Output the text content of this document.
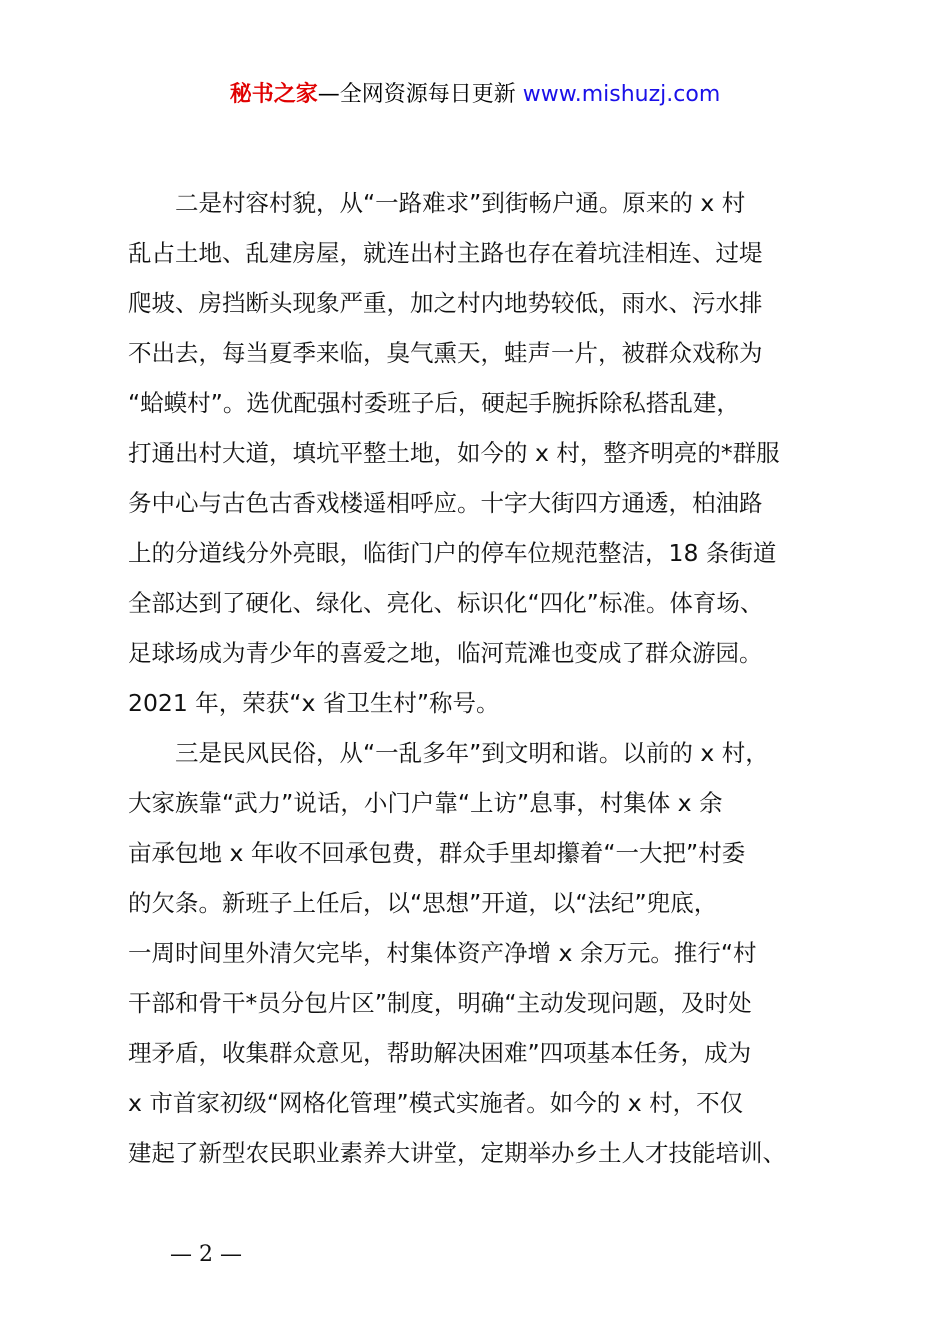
秘书之家—全网资源每日更新 www.mishuzj.com
二是村容村貌，从“一路难求”到街畅户通。原来的 x 村
乱占土地、乱建房屋，就连出村主路也存在着坑洼相连、过堤
爬坡、房挡断头现象严重，加之村内地势较低，雨水、污水排
不出去，每当夏季来临，臭气熏天，蛙声一片，被群众戏称为
“蛤蟆村”。选优配强村委班子后，硬起手腕拆除私搭乱建，
打通出村大道，填坑平整土地，如今的 x 村，整齐明亮的*群服
务中心与古色古香戏楼遥相呼应。十字大街四方通透，柏油路
上的分道线分外亮眼，临街门户的停车位规范整洁，18 条街道
全部达到了硬化、绿化、亮化、标识化“四化”标准。体育场、
足球场成为青少年的喜爱之地，临河荒滩也变成了群众游园。
2021 年，荣获“x 省卫生村”称号。
三是民风民俗，从“一乱多年”到文明和谐。以前的 x 村，
大家族靠“武力”说话，小门户靠“上访”息事，村集体 x 余
亩承包地 x 年收不回承包费，群众手里却攥着“一大把”村委
的欠条。新班子上任后，以“思想”开道，以“法纪”兜底，
一周时间里外清欠完毕，村集体资产净增 x 余万元。推行“村
干部和骨干*员分包片区”制度，明确“主动发现问题，及时处
理矛盾，收集群众意见，帮助解决困难”四项基本任务，成为
x 市首家初级“网格化管理”模式实施者。如今的 x 村，不仅
建起了新型农民职业素养大讲堂，定期举办乡土人才技能培训、
— 2 —
